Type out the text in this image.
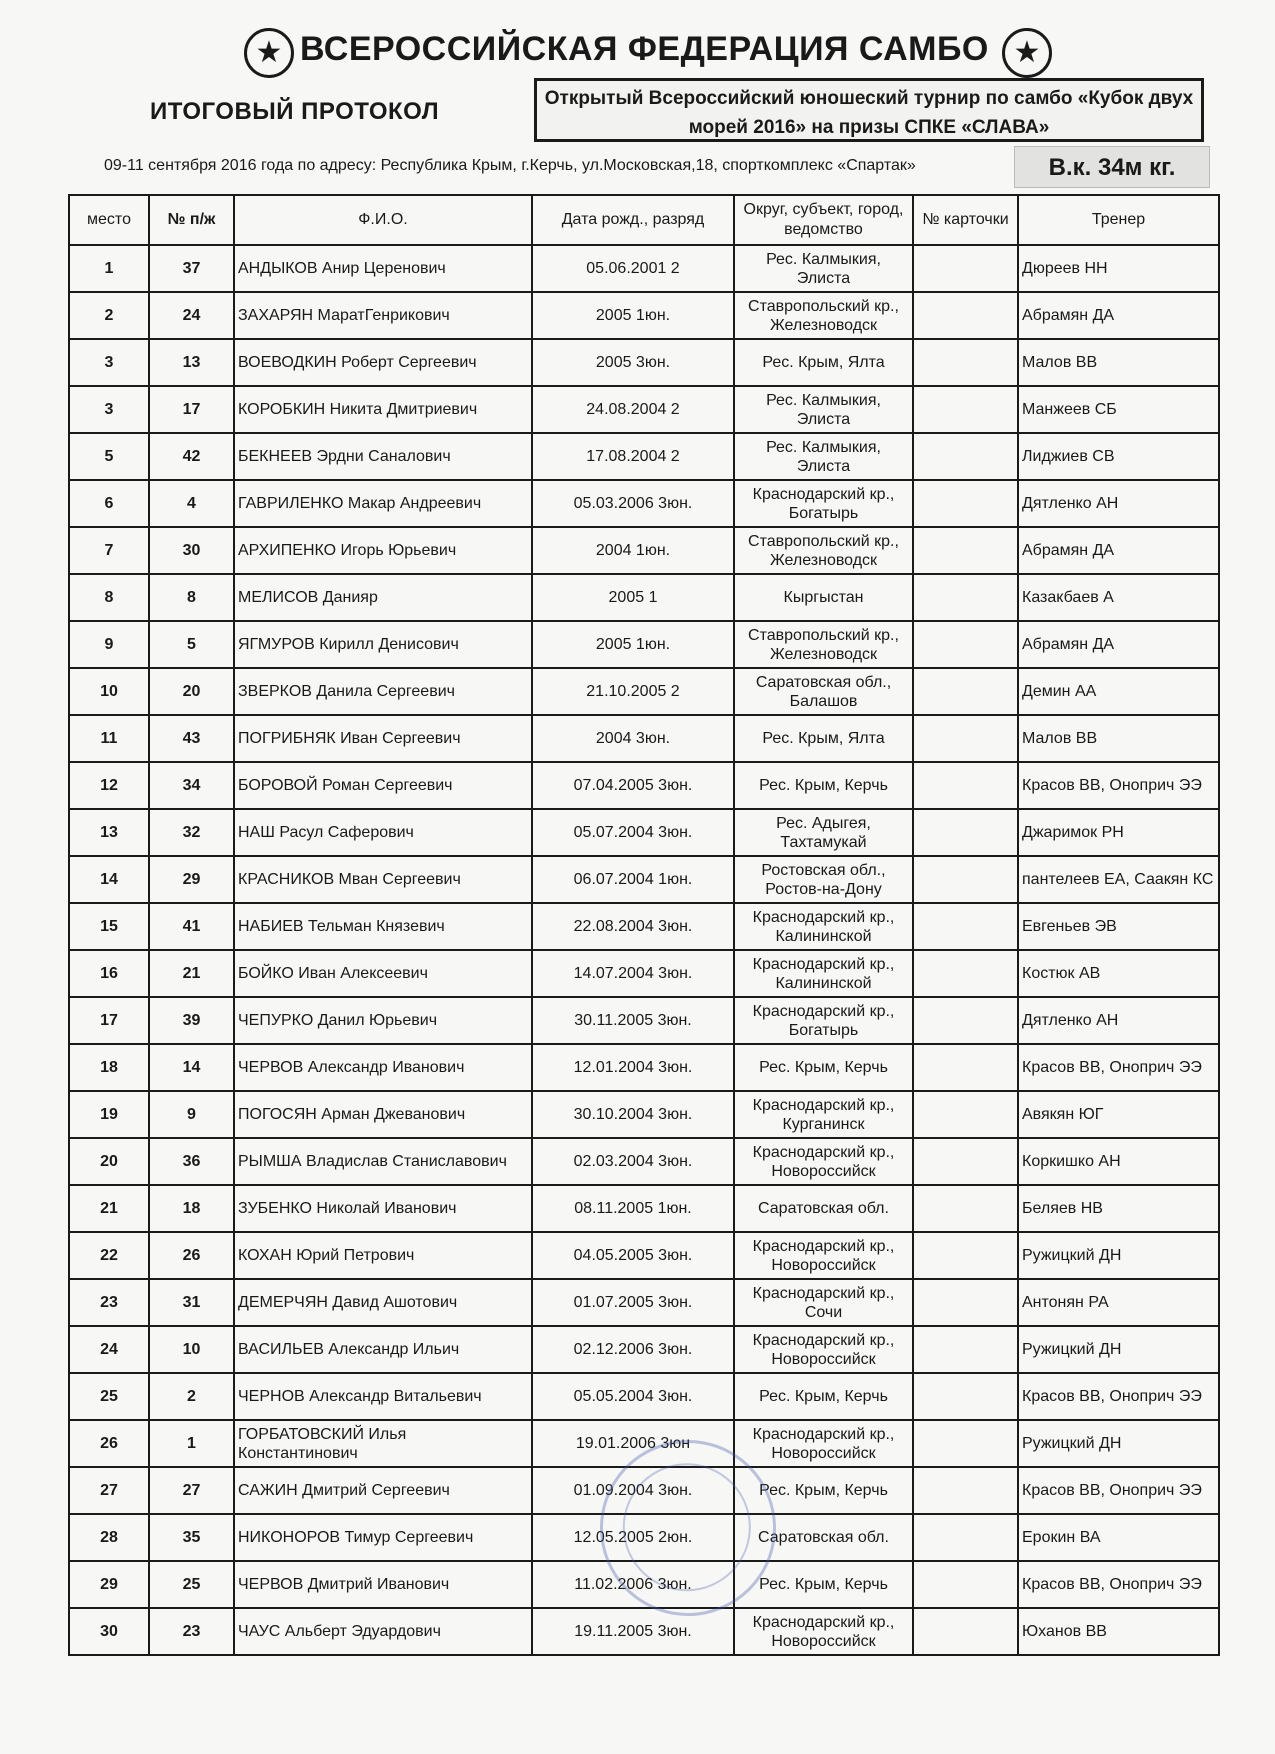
★ ВСЕРОССИЙСКАЯ ФЕДЕРАЦИЯ САМБО ★
ИТОГОВЫЙ ПРОТОКОЛ	Открытый Всероссийский юношеский турнир по самбо «Кубок двух
морей 2016» на призы СПКЕ «СЛАВА»
09-11 сентября 2016 года по адресу: Республика Крым, г.Керчь, ул.Московская,18, спорткомплекс «Спартак»	В.к. 34м кг.
место	№ п/ж	Ф.И.О.	Дата рожд., разряд	Округ, субъект, город, ведомство	№ карточки	Тренер
1	37	АНДЫКОВ Анир Церенович	05.06.2001 2	Рес. Калмыкия, Элиста		Дюреев НН
2	24	ЗАХАРЯН МаратГенрикович	2005 1юн.	Ставропольский кр., Железноводск		Абрамян ДА
3	13	ВОЕВОДКИН Роберт Сергеевич	2005 3юн.	Рес. Крым, Ялта		Малов ВВ
3	17	КОРОБКИН Никита Дмитриевич	24.08.2004 2	Рес. Калмыкия, Элиста		Манжеев СБ
5	42	БЕКНЕЕВ Эрдни Саналович	17.08.2004 2	Рес. Калмыкия, Элиста		Лиджиев СВ
6	4	ГАВРИЛЕНКО Макар Андреевич	05.03.2006 3юн.	Краснодарский кр., Богатырь		Дятленко АН
7	30	АРХИПЕНКО Игорь Юрьевич	2004 1юн.	Ставропольский кр., Железноводск		Абрамян ДА
8	8	МЕЛИСОВ Данияр	2005 1	Кыргыстан		Казакбаев А
9	5	ЯГМУРОВ Кирилл Денисович	2005 1юн.	Ставропольский кр., Железноводск		Абрамян ДА
10	20	ЗВЕРКОВ Данила Сергеевич	21.10.2005 2	Саратовская обл., Балашов		Демин АА
11	43	ПОГРИБНЯК Иван Сергеевич	2004 3юн.	Рес. Крым, Ялта		Малов ВВ
12	34	БОРОВОЙ Роман Сергеевич	07.04.2005 3юн.	Рес. Крым, Керчь		Красов ВВ, Оноприч ЭЭ
13	32	НАШ Расул Сaферович	05.07.2004 3юн.	Рес. Адыгея, Тахтамукай		Джаримок РН
14	29	КРАСНИКОВ Мван Сергеевич	06.07.2004 1юн.	Ростовская обл., Ростов-на-Дону		пантелеев ЕА, Саакян КС
15	41	НАБИЕВ Тельман Князевич	22.08.2004 3юн.	Краснодарский кр., Калининской		Евгеньев ЭВ
16	21	БОЙКО Иван Алексеевич	14.07.2004 3юн.	Краснодарский кр., Калининской		Костюк АВ
17	39	ЧЕПУРКО Данил Юрьевич	30.11.2005 3юн.	Краснодарский кр., Богатырь		Дятленко АН
18	14	ЧЕРВОВ Александр Иванович	12.01.2004 3юн.	Рес. Крым, Керчь		Красов ВВ, Оноприч ЭЭ
19	9	ПОГОСЯН Арман Джеванович	30.10.2004 3юн.	Краснодарский кр., Курганинск		Авякян ЮГ
20	36	РЫМША Владислав Станиславович	02.03.2004 3юн.	Краснодарский кр., Новороссийск		Коркишко АН
21	18	ЗУБЕНКО Николай Иванович	08.11.2005 1юн.	Саратовская обл.		Беляев НВ
22	26	КОХАН Юрий Петрович	04.05.2005 3юн.	Краснодарский кр., Новороссийск		Ружицкий ДН
23	31	ДЕМЕРЧЯН Давид Ашотович	01.07.2005 3юн.	Краснодарский кр., Сочи		Антонян РА
24	10	ВАСИЛЬЕВ Александр Ильич	02.12.2006 3юн.	Краснодарский кр., Новороссийск		Ружицкий ДН
25	2	ЧЕРНОВ Александр Витальевич	05.05.2004 3юн.	Рес. Крым, Керчь		Красов ВВ, Оноприч ЭЭ
26	1	ГОРБАТОВСКИЙ Илья Константинович	19.01.2006 3юн	Краснодарский кр., Новороссийск		Ружицкий ДН
27	27	САЖИН Дмитрий Сергеевич	01.09.2004 3юн.	Рес. Крым, Керчь		Красов ВВ, Оноприч ЭЭ
28	35	НИКОНОРОВ Тимур Сергеевич	12.05.2005 2юн.	Саратовская обл.		Ерокин ВА
29	25	ЧЕРВОВ Дмитрий Иванович	11.02.2006 3юн.	Рес. Крым, Керчь		Красов ВВ, Оноприч ЭЭ
30	23	ЧАУС Альберт Эдуардович	19.11.2005 3юн.	Краснодарский кр., Новороссийск		Юханов ВВ
